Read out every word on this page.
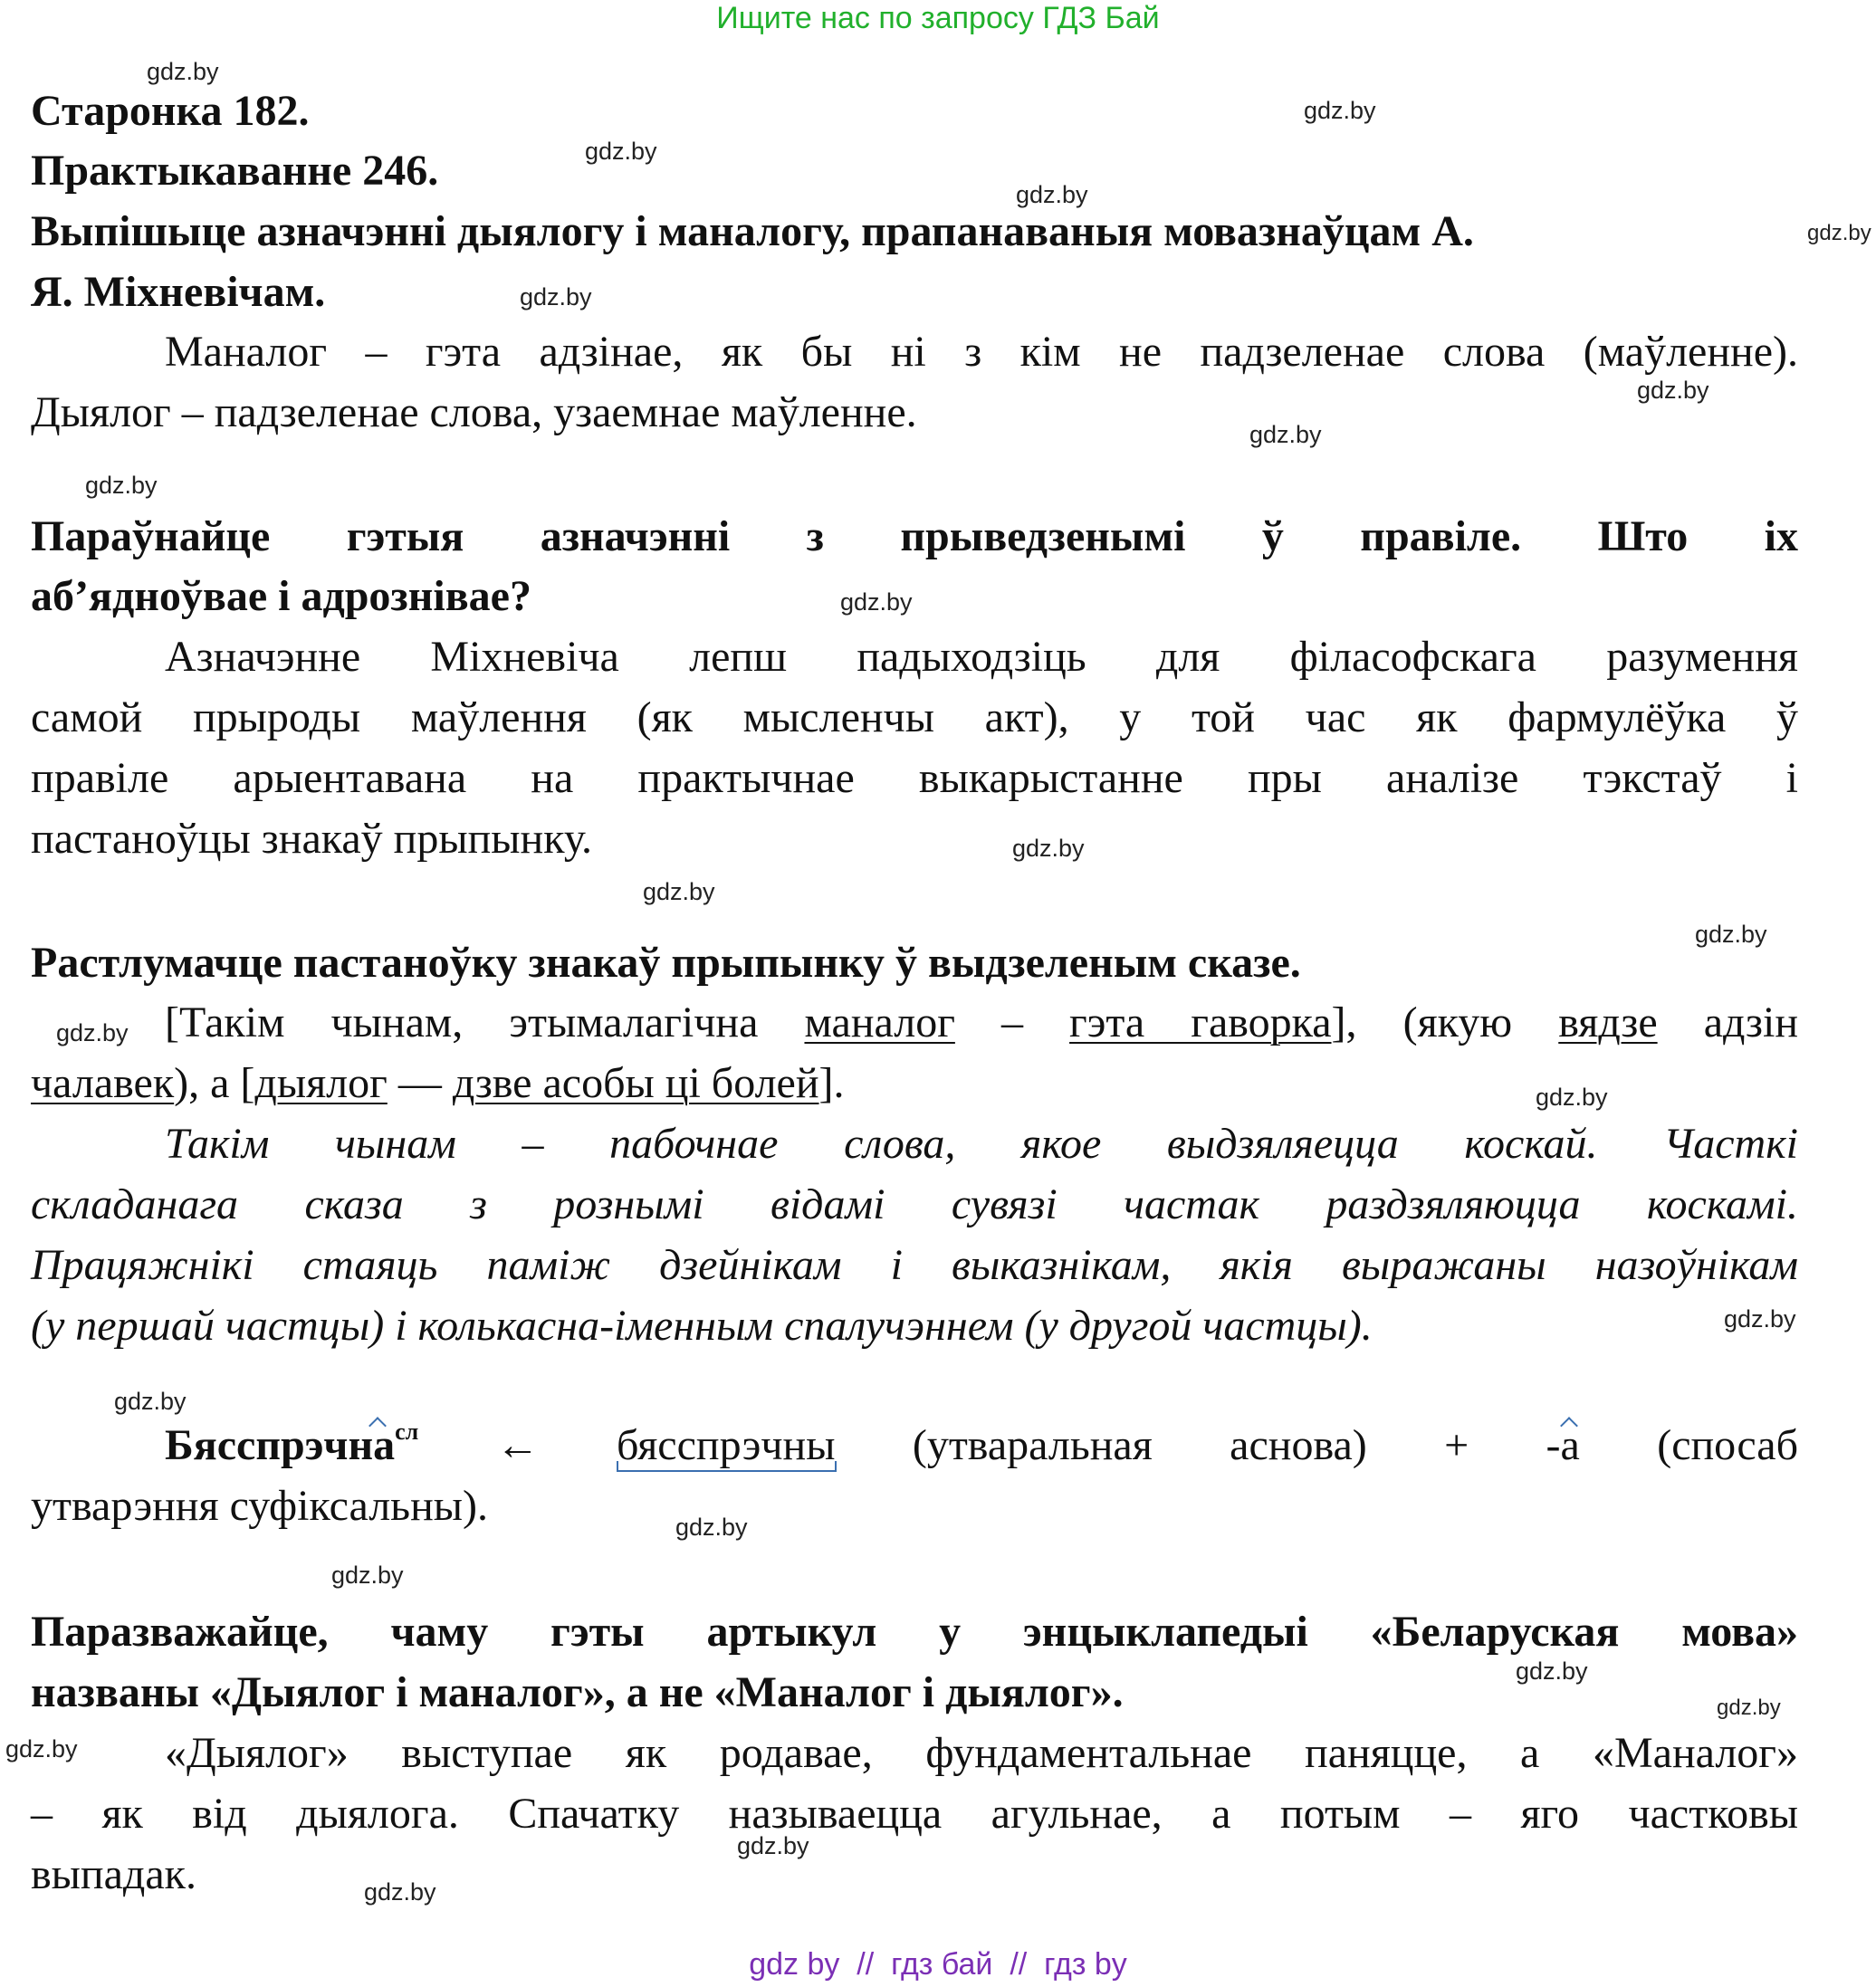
Ищите нас по запросу ГДЗ Бай
Старонка 182.
Практыкаванне 246.
Выпішыце азначэнні дыялогу і маналогу, прапанаваныя мовазнаўцам А.
Я. Міхневічам.
Маналог – гэта адзінае, як бы ні з кім не падзеленае слова (маўленне).
Дыялог – падзеленае слова, узаемнае маўленне.
Параўнайце гэтыя азначэнні з прыведзенымі ў правіле. Што іх
аб’ядноўвае і адрознівае?
Азначэнне Міхневіча лепш падыходзіць для філасофскага разумення
самой прыроды маўлення (як мысленчы акт), у той час як фармулёўка ў
правіле арыентавана на практычнае выкарыстанне пры аналізе тэкстаў і
пастаноўцы знакаў прыпынку.
Растлумачце пастаноўку знакаў прыпынку ў выдзеленым сказе.
[Такім чынам, этымалагічна маналог – гэта гаворка], (якую вядзе адзін
чалавек), а [дыялог — дзве асобы ці болей].
Такім чынам – пабочнае слова, якое выдзяляецца коскай. Часткі
складанага сказа з рознымі відамі сувязі частак раздзяляюцца коскамі.
Працяжнікі стаяць паміж дзейнікам і выказнікам, якія выражаны назоўнікам
(у першай частцы) і колькасна-іменным спалучэннем (у другой частцы).
Бясспрэчна$^{сл}$ ← бясспрэчны (утваральная аснова) + -а (спосаб
утварэння суфіксальны).
Паразважайце, чаму гэты артыкул у энцыклапедыі «Беларуская мова»
названы «Дыялог і маналог», а не «Маналог і дыялог».
«Дыялог» выступае як родавае, фундаментальнае паняцце, а «Маналог»
– як від дыялога. Спачатку называецца агульнае, а потым – яго частковы
выпадак.
gdz.by
gdz.by
gdz.by
gdz.by
gdz.by
gdz.by
gdz.by
gdz.by
gdz.by
gdz.by
gdz.by
gdz.by
gdz.by
gdz.by
gdz.by
gdz.by
gdz.by
gdz.by
gdz.by
gdz.by
gdz.by
gdz.by
gdz.by
gdz.by
gdz by  //  гдз бай  //  гдз by
